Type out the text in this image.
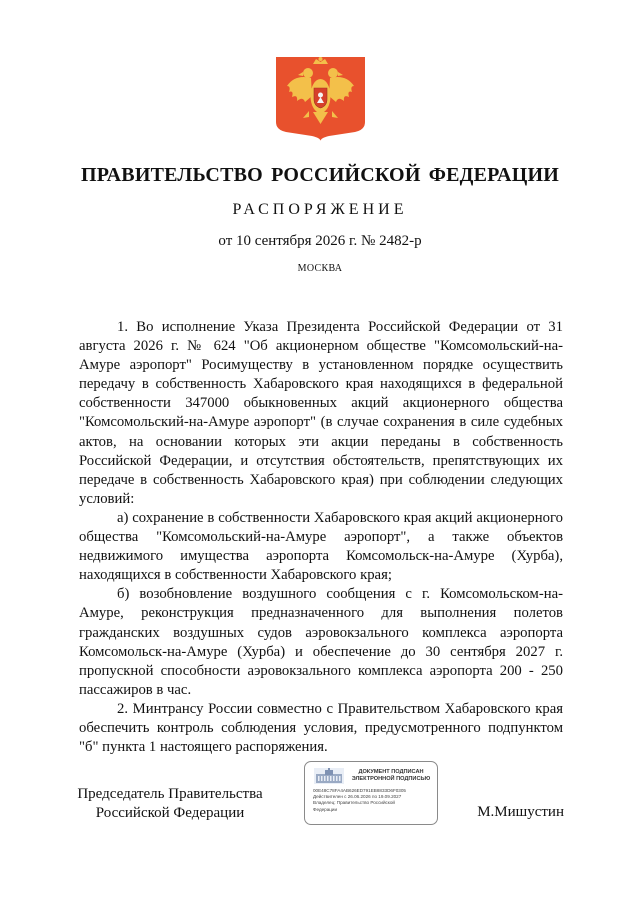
ПРАВИТЕЛЬСТВО РОССИЙСКОЙ ФЕДЕРАЦИИ
РАСПОРЯЖЕНИЕ
от 10 сентября 2026 г. № 2482-р
МОСКВА

1. Во исполнение Указа Президента Российской Федерации от 31 августа 2026 г. № 624 "Об акционерном обществе "Комсомольский-на-Амуре аэропорт" Росимуществу в установленном порядке осуществить передачу в собственность Хабаровского края находящихся в федеральной собственности 347000 обыкновенных акций акционерного общества "Комсомольский-на-Амуре аэропорт" (в случае сохранения в силе судебных актов, на основании которых эти акции переданы в собственность Российской Федерации, и отсутствия обстоятельств, препятствующих их передаче в собственность Хабаровского края) при соблюдении следующих условий:

а) сохранение в собственности Хабаровского края акций акционерного общества "Комсомольский-на-Амуре аэропорт", а также объектов недвижимого имущества аэропорта Комсомольск-на-Амуре (Хурба), находящихся в собственности Хабаровского края;

б) возобновление воздушного сообщения с г. Комсомольском-на-Амуре, реконструкция предназначенного для выполнения полетов гражданских воздушных судов аэровокзального комплекса аэропорта Комсомольск-на-Амуре (Хурба) и обеспечение до 30 сентября 2027 г. пропускной способности аэровокзального комплекса аэропорта 200 - 250 пассажиров в час.

2. Минтрансу России совместно с Правительством Хабаровского края обеспечить контроль соблюдения условия, предусмотренного подпунктом "б" пункта 1 настоящего распоряжения.

Председатель Правительства
Российской Федерации
ДОКУМЕНТ ПОДПИСАН
ЭЛЕКТРОННОЙ ПОДПИСЬЮ
00E48C78FA4AB626ED791EB8833D6F0305
Действителен с 26.06.2026 по 19.09.2027
Владелец: Правительство Российской
Федерации	М.Мишустин
